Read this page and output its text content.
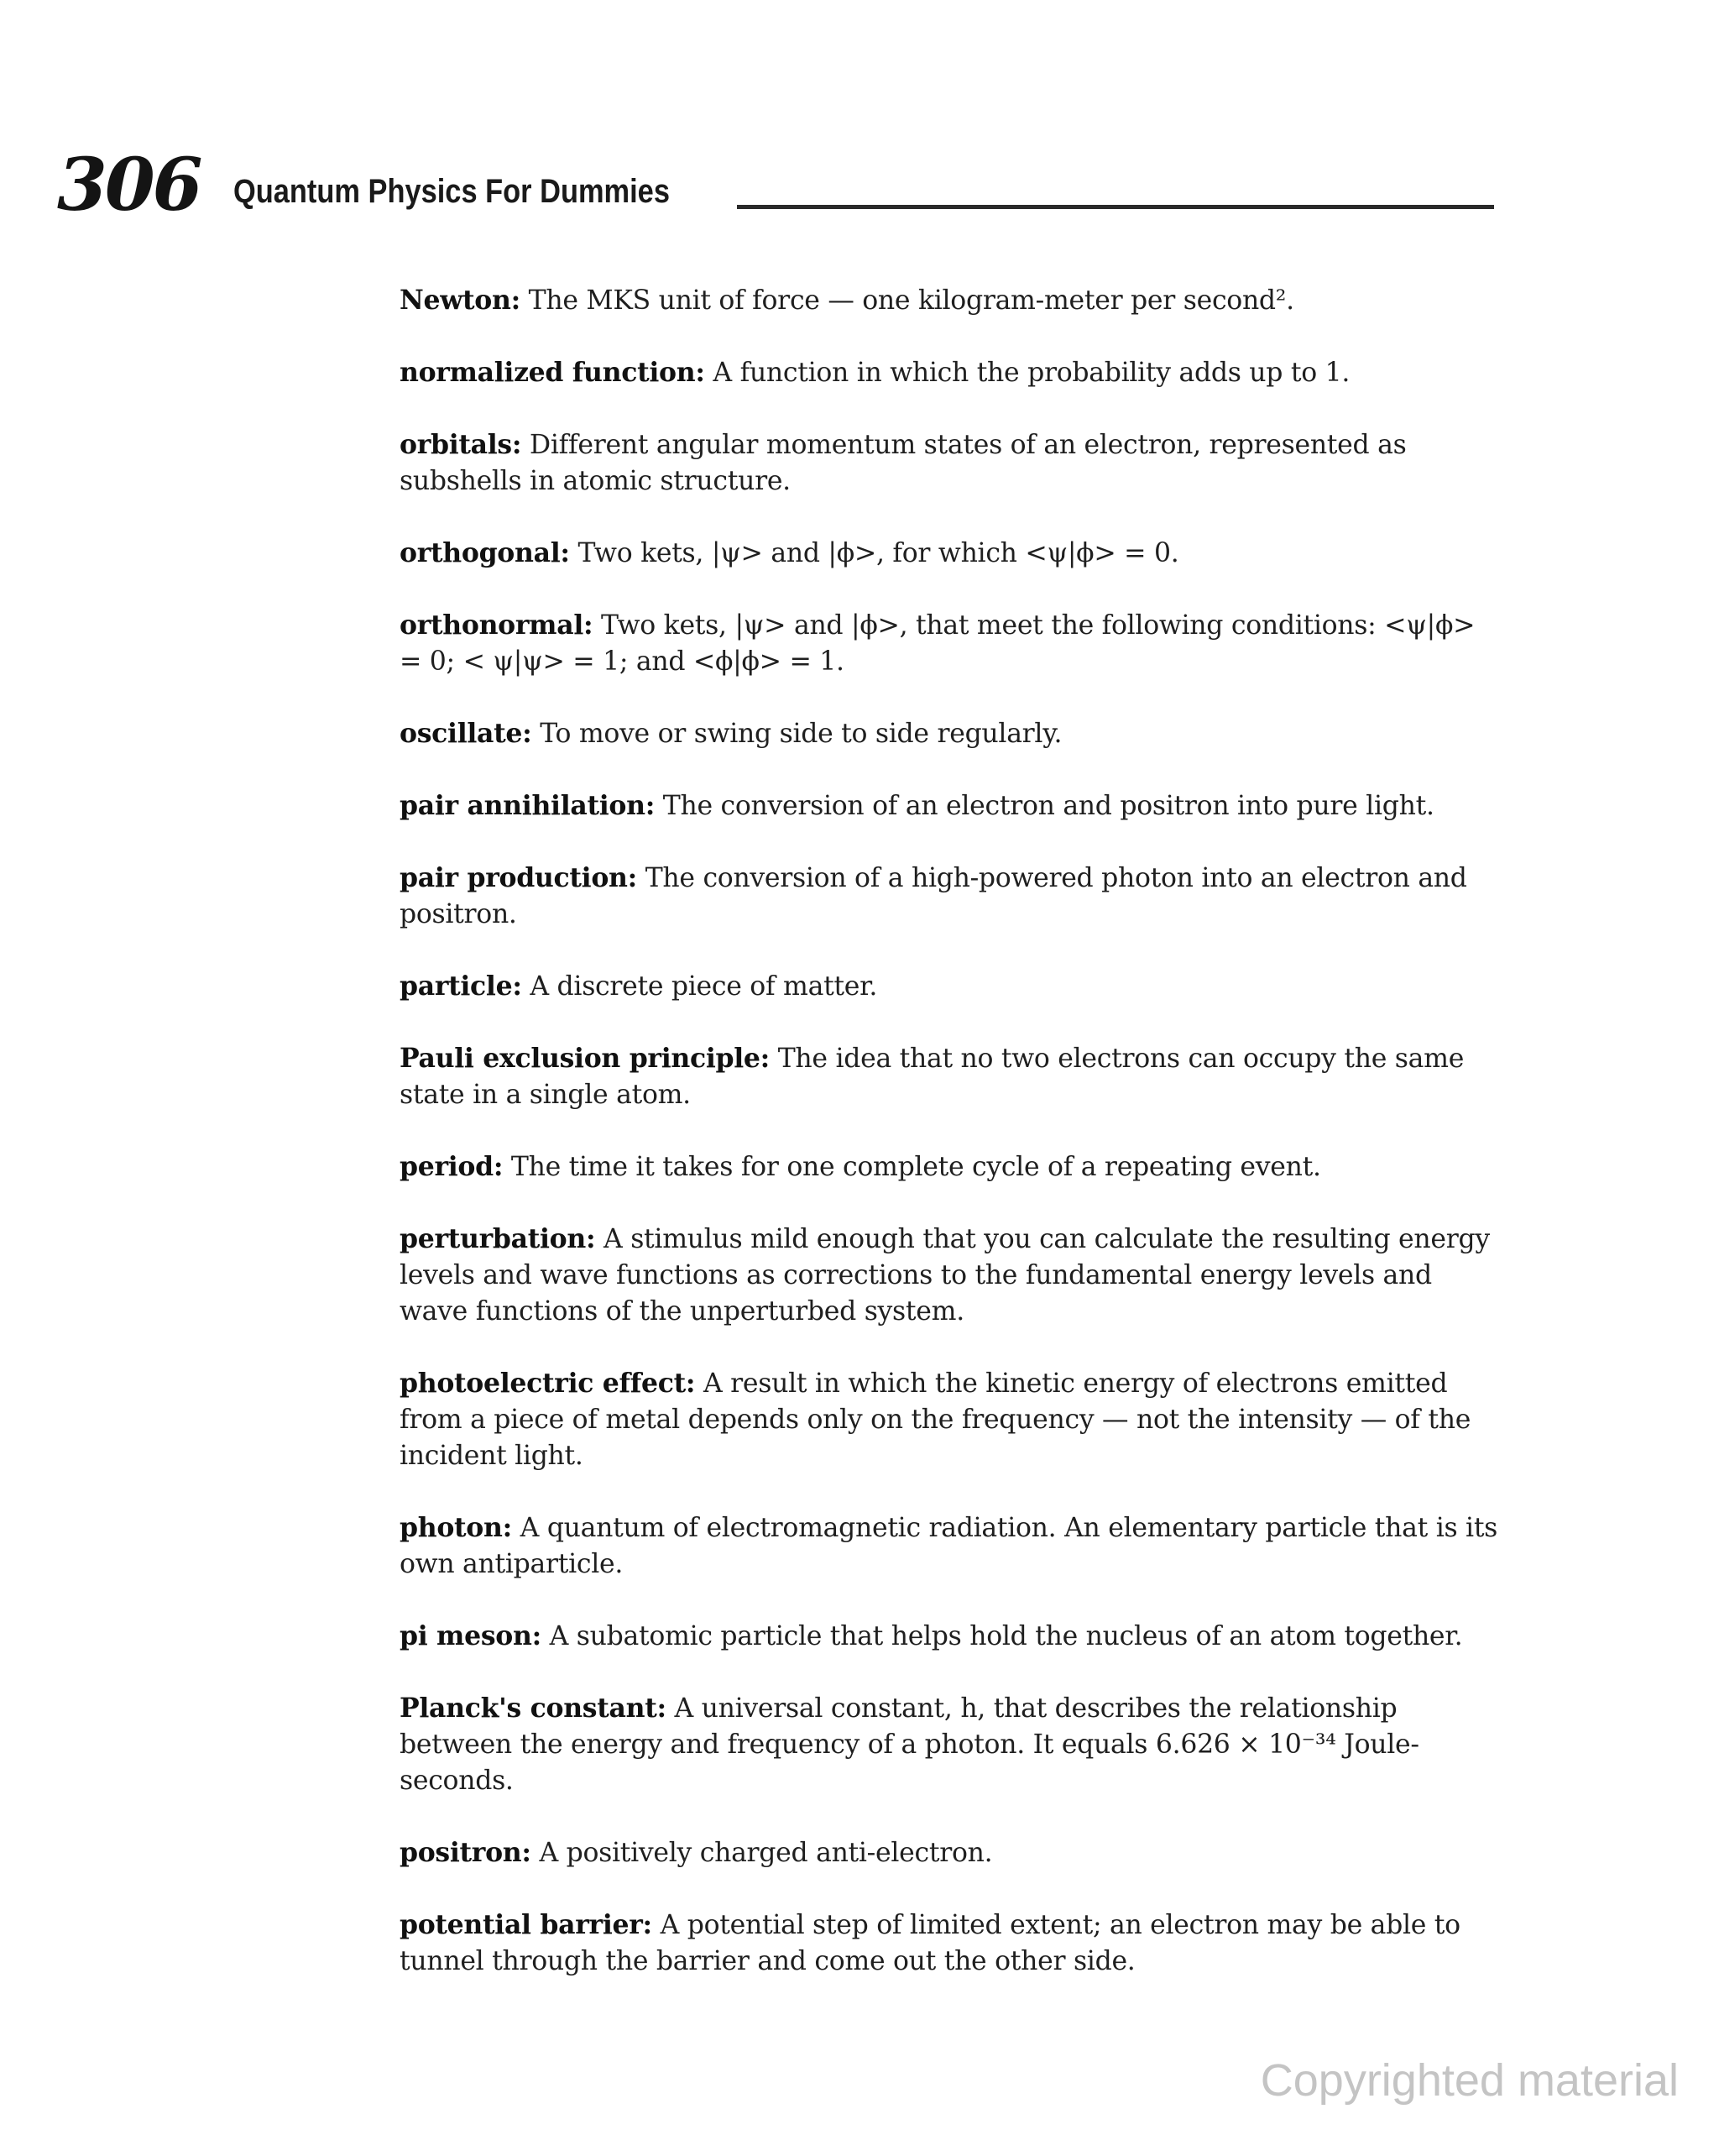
306 Quantum Physics For Dummies

Newton: The MKS unit of force — one kilogram-meter per second².

normalized function: A function in which the probability adds up to 1.

orbitals: Different angular momentum states of an electron, represented as subshells in atomic structure.

orthogonal: Two kets, |ψ> and |ϕ>, for which <ψ|ϕ> = 0.

orthonormal: Two kets, |ψ> and |ϕ>, that meet the following conditions: <ψ|ϕ> = 0; < ψ|ψ> = 1; and <ϕ|ϕ> = 1.

oscillate: To move or swing side to side regularly.

pair annihilation: The conversion of an electron and positron into pure light.

pair production: The conversion of a high-powered photon into an electron and positron.

particle: A discrete piece of matter.

Pauli exclusion principle: The idea that no two electrons can occupy the same state in a single atom.

period: The time it takes for one complete cycle of a repeating event.

perturbation: A stimulus mild enough that you can calculate the resulting energy levels and wave functions as corrections to the fundamental energy levels and wave functions of the unperturbed system.

photoelectric effect: A result in which the kinetic energy of electrons emitted from a piece of metal depends only on the frequency — not the intensity — of the incident light.

photon: A quantum of electromagnetic radiation. An elementary particle that is its own antiparticle.

pi meson: A subatomic particle that helps hold the nucleus of an atom together.

Planck's constant: A universal constant, h, that describes the relationship between the energy and frequency of a photon. It equals 6.626 × 10⁻³⁴ Joule-seconds.

positron: A positively charged anti-electron.

potential barrier: A potential step of limited extent; an electron may be able to tunnel through the barrier and come out the other side.

Copyrighted material
